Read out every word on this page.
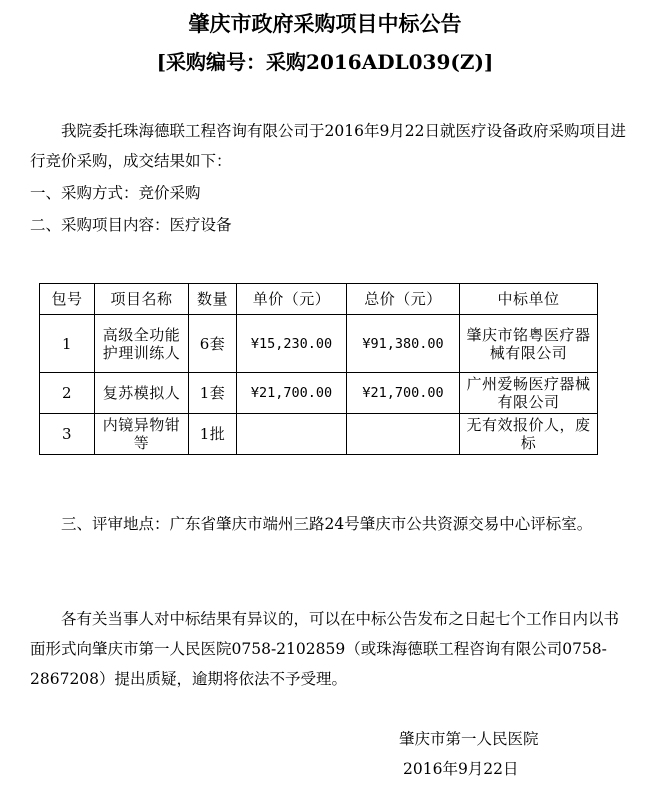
肇庆市政府采购项目中标公告
[采购编号：采购2016ADL039(Z)]

我院委托珠海德联工程咨询有限公司于2016年9月22日就医疗设备政府采购项目进行竞价采购，成交结果如下：

一、采购方式：竞价采购

二、采购项目内容：医疗设备

包号	项目名称	数量	单价（元）	总价（元）	中标单位
1	高级全功能护理训练人	6套	¥15,230.00	¥91,380.00	肇庆市铭粤医疗器械有限公司
2	复苏模拟人	1套	¥21,700.00	¥21,700.00	广州爱畅医疗器械有限公司
3	内镜异物钳等	1批			无有效报价人，废标

三、评审地点：广东省肇庆市端州三路24号肇庆市公共资源交易中心评标室。

各有关当事人对中标结果有异议的，可以在中标公告发布之日起七个工作日内以书面形式向肇庆市第一人民医院0758-2102859（或珠海德联工程咨询有限公司0758-2867208）提出质疑，逾期将依法不予受理。

肇庆市第一人民医院
2016年9月22日
